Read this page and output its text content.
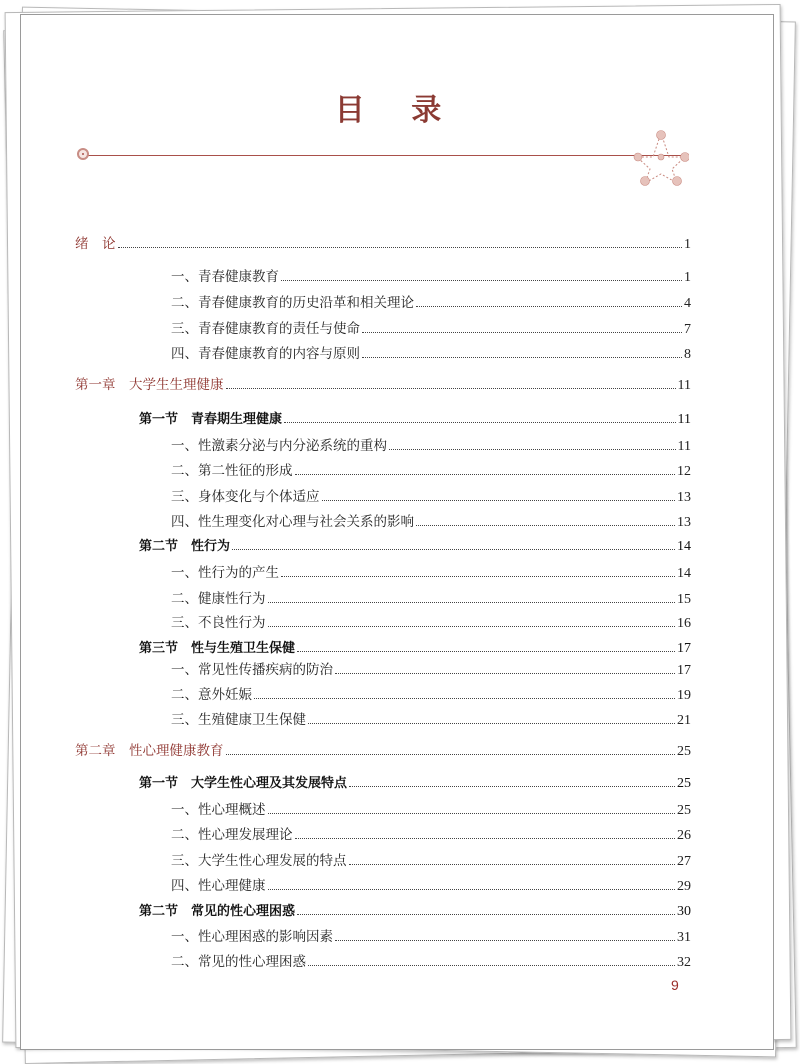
目 录
绪　论	1
一、青春健康教育	1
二、青春健康教育的历史沿革和相关理论	4
三、青春健康教育的责任与使命	7
四、青春健康教育的内容与原则	8
第一章　大学生生理健康	11
第一节　青春期生理健康	11
一、性激素分泌与内分泌系统的重构	11
二、第二性征的形成	12
三、身体变化与个体适应	13
四、性生理变化对心理与社会关系的影响	13
第二节　性行为	14
一、性行为的产生	14
二、健康性行为	15
三、不良性行为	16
第三节　性与生殖卫生保健	17
一、常见性传播疾病的防治	17
二、意外妊娠	19
三、生殖健康卫生保健	21
第二章　性心理健康教育	25
第一节　大学生性心理及其发展特点	25
一、性心理概述	25
二、性心理发展理论	26
三、大学生性心理发展的特点	27
四、性心理健康	29
第二节　常见的性心理困惑	30
一、性心理困惑的影响因素	31
二、常见的性心理困惑	32
9
